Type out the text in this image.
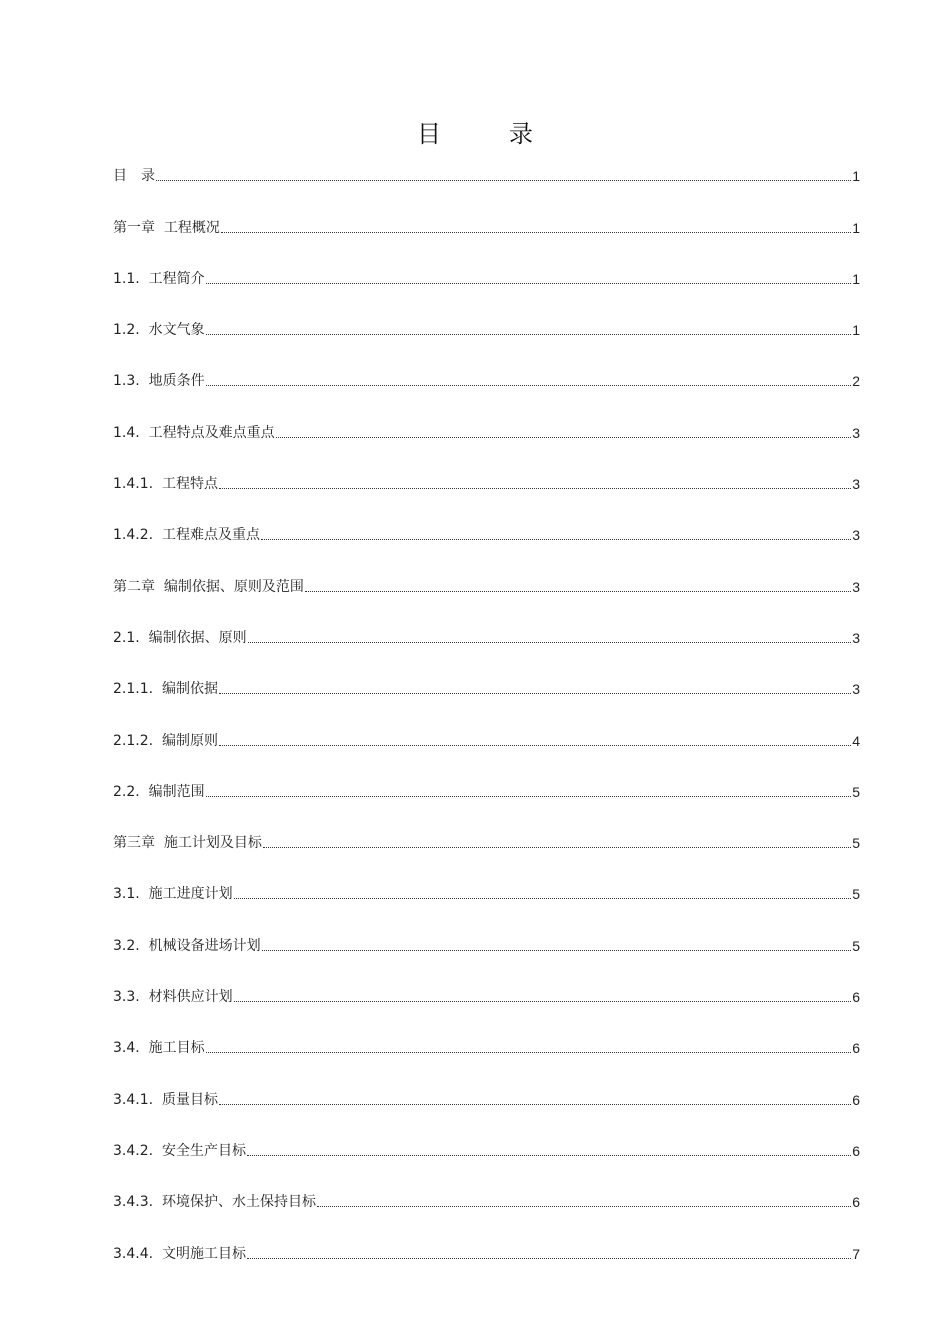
目　录
目　录	1
第一章  工程概况	1
1.1.  工程简介	1
1.2.  水文气象	1
1.3.  地质条件	2
1.4.  工程特点及难点重点	3
1.4.1.  工程特点	3
1.4.2.  工程难点及重点	3
第二章  编制依据、原则及范围	3
2.1.  编制依据、原则	3
2.1.1.  编制依据	3
2.1.2.  编制原则	4
2.2.  编制范围	5
第三章  施工计划及目标	5
3.1.  施工进度计划	5
3.2.  机械设备进场计划	5
3.3.  材料供应计划	6
3.4.  施工目标	6
3.4.1.  质量目标	6
3.4.2.  安全生产目标	6
3.4.3.  环境保护、水土保持目标	6
3.4.4.  文明施工目标	7
